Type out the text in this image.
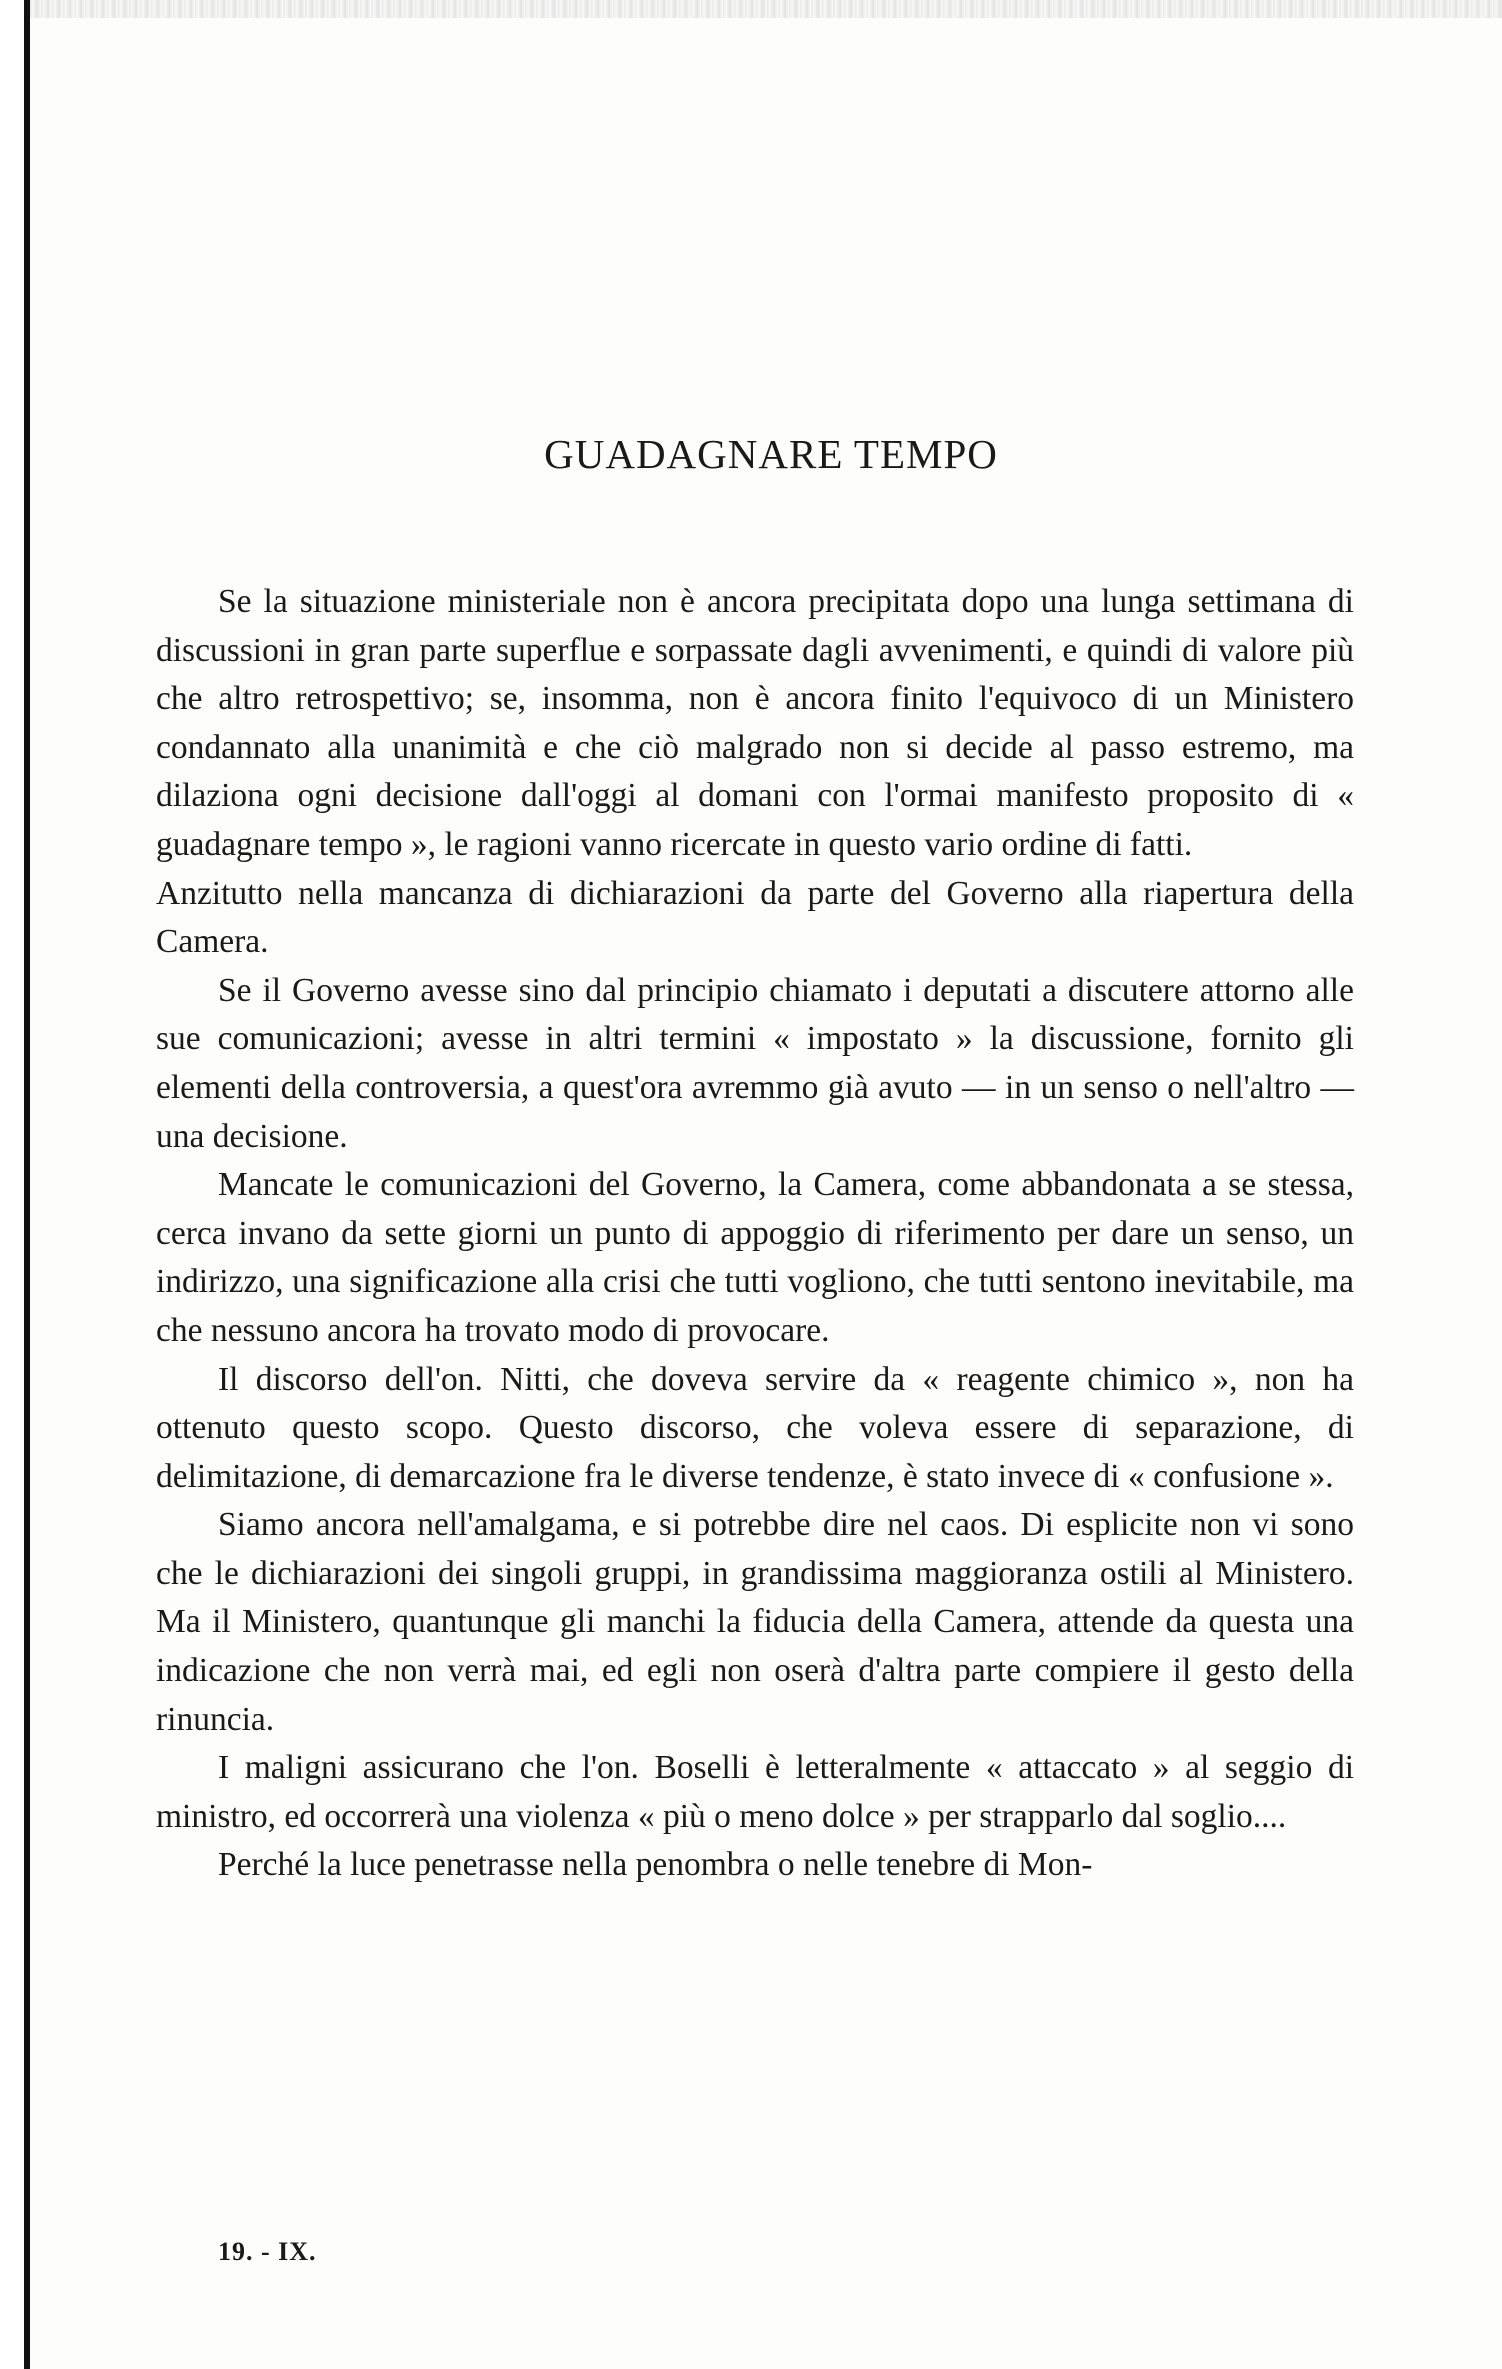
GUADAGNARE TEMPO

Se la situazione ministeriale non è ancora precipitata dopo una lunga settimana di discussioni in gran parte superflue e sorpassate dagli avvenimenti, e quindi di valore più che altro retrospettivo; se, insomma, non è ancora finito l'equivoco di un Ministero condannato alla unanimità e che ciò malgrado non si decide al passo estremo, ma dilaziona ogni decisione dall'oggi al domani con l'ormai manifesto proposito di « guadagnare tempo », le ragioni vanno ricercate in questo vario ordine di fatti.

Anzitutto nella mancanza di dichiarazioni da parte del Governo alla riapertura della Camera.

Se il Governo avesse sino dal principio chiamato i deputati a discutere attorno alle sue comunicazioni; avesse in altri termini « impostato » la discussione, fornito gli elementi della controversia, a quest'ora avremmo già avuto — in un senso o nell'altro — una decisione.

Mancate le comunicazioni del Governo, la Camera, come abbandonata a se stessa, cerca invano da sette giorni un punto di appoggio di riferimento per dare un senso, un indirizzo, una significazione alla crisi che tutti vogliono, che tutti sentono inevitabile, ma che nessuno ancora ha trovato modo di provocare.

Il discorso dell'on. Nitti, che doveva servire da « reagente chimico », non ha ottenuto questo scopo. Questo discorso, che voleva essere di separazione, di delimitazione, di demarcazione fra le diverse tendenze, è stato invece di « confusione ».

Siamo ancora nell'amalgama, e si potrebbe dire nel caos. Di esplicite non vi sono che le dichiarazioni dei singoli gruppi, in grandissima maggioranza ostili al Ministero. Ma il Ministero, quantunque gli manchi la fiducia della Camera, attende da questa una indicazione che non verrà mai, ed egli non oserà d'altra parte compiere il gesto della rinuncia.

I maligni assicurano che l'on. Boselli è letteralmente « attaccato » al seggio di ministro, ed occorrerà una violenza « più o meno dolce » per strapparlo dal soglio....

Perché la luce penetrasse nella penombra o nelle tenebre di Mon-

19. - IX.
